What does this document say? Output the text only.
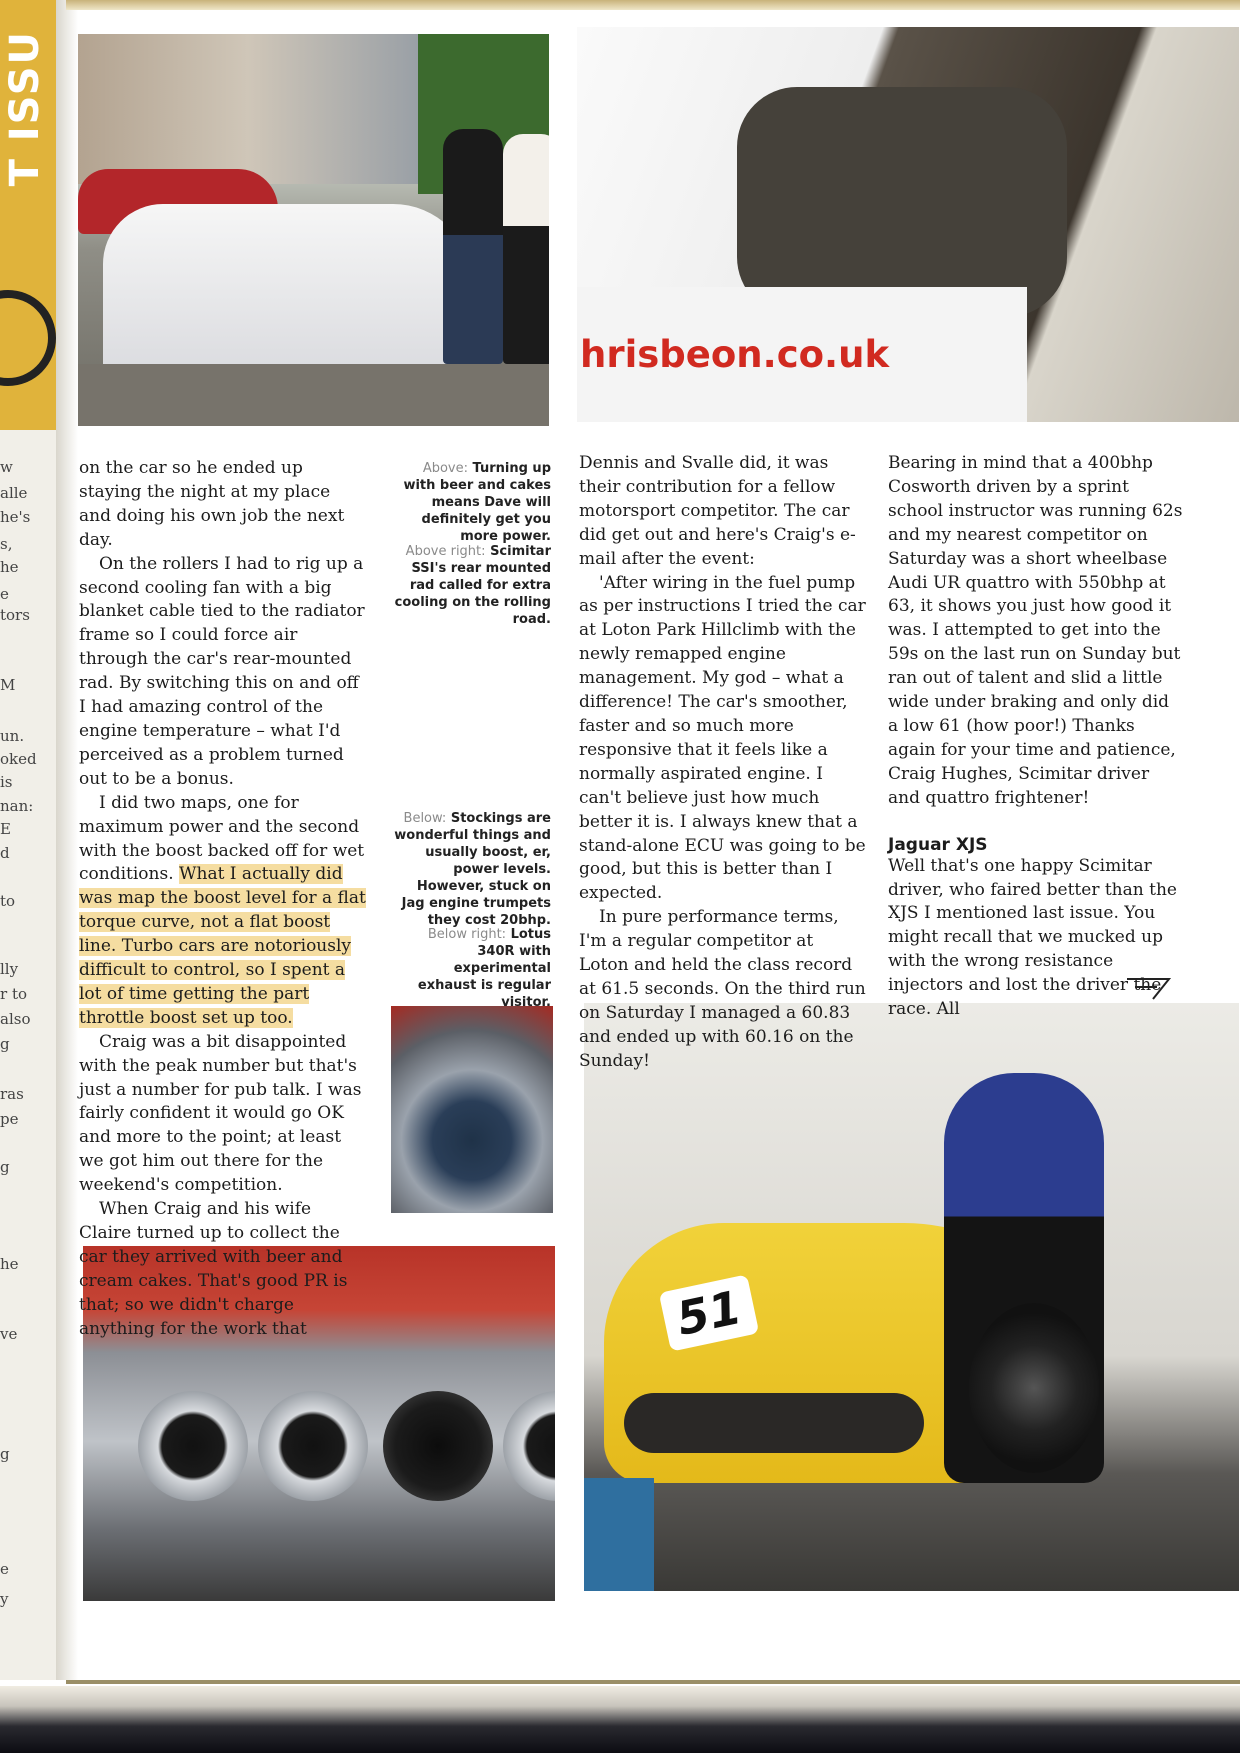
T ISSU
w
alle
he's
s,
he
e
tors
M
un.
oked
is
nan:
E
d
to
lly
r to
also
g
ras
pe
g
he
ve
g
e
y
hrisbeon.co.uk
51

on the car so he ended up staying the night at my place and doing his own job the next day.

On the rollers I had to rig up a second cooling fan with a big blanket cable tied to the radiator frame so I could force air through the car's rear-mounted rad. By switching this on and off I had amazing control of the engine temperature – what I'd perceived as a problem turned out to be a bonus.

I did two maps, one for maximum power and the second with the boost backed off for wet conditions. What I actually did was map the boost level for a flat torque curve, not a flat boost line. Turbo cars are notoriously difficult to control, so I spent a lot of time getting the part throttle boost set up too.

Craig was a bit disappointed with the peak number but that's just a number for pub talk. I was fairly confident it would go OK and more to the point; at least we got him out there for the weekend's competition.

When Craig and his wife Claire turned up to collect the car they arrived with beer and cream cakes. That's good PR is that; so we didn't charge anything for the work that

Above: Turning up with beer and cakes means Dave will definitely get you more power.
Above right: Scimitar SSI's rear mounted rad called for extra cooling on the rolling road.
Below: Stockings are wonderful things and usually boost, er, power levels. However, stuck on Jag engine trumpets they cost 20bhp.
Below right: Lotus 340R with experimental exhaust is regular visitor.

Dennis and Svalle did, it was their contribution for a fellow motorsport competitor. The car did get out and here's Craig's e-mail after the event:

'After wiring in the fuel pump as per instructions I tried the car at Loton Park Hillclimb with the newly remapped engine management. My god – what a difference! The car's smoother, faster and so much more responsive that it feels like a normally aspirated engine. I can't believe just how much better it is. I always knew that a stand-alone ECU was going to be good, but this is better than I expected.

In pure performance terms, I'm a regular competitor at Loton and held the class record at 61.5 seconds. On the third run on Saturday I managed a 60.83 and ended up with 60.16 on the Sunday!

Bearing in mind that a 400bhp Cosworth driven by a sprint school instructor was running 62s and my nearest competitor on Saturday was a short wheelbase Audi UR quattro with 550bhp at 63, it shows you just how good it was. I attempted to get into the 59s on the last run on Sunday but ran out of talent and slid a little wide under braking and only did a low 61 (how poor!) Thanks again for your time and patience, Craig Hughes, Scimitar driver and quattro frightener!

Jaguar XJS

Well that's one happy Scimitar driver, who faired better than the XJS I mentioned last issue. You might recall that we mucked up with the wrong resistance injectors and lost the driver the race. All
